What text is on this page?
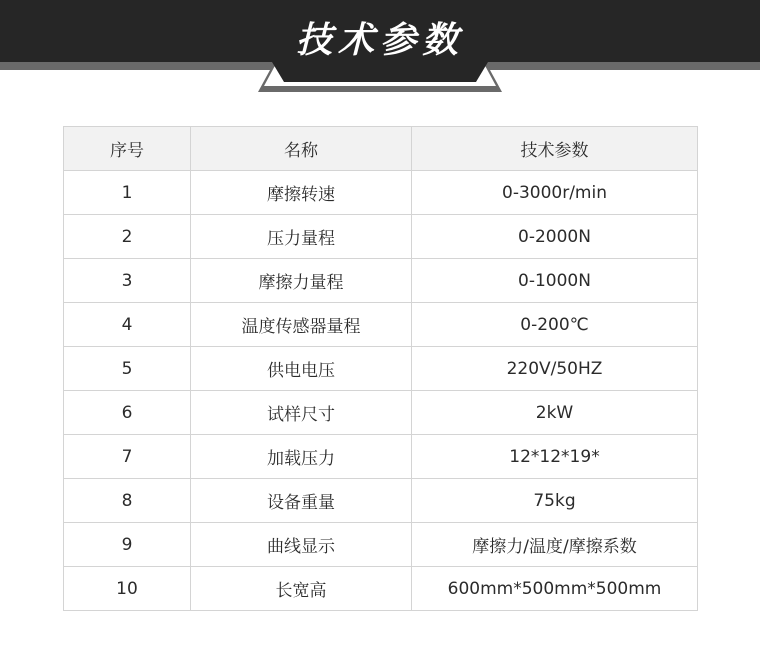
技术参数
序号	名称	技术参数
1	摩擦转速	0-3000r/min
2	压力量程	0-2000N
3	摩擦力量程	0-1000N
4	温度传感器量程	0-200℃
5	供电电压	220V/50HZ
6	试样尺寸	2kW
7	加载压力	12*12*19*
8	设备重量	75kg
9	曲线显示	摩擦力/温度/摩擦系数
10	长宽高	600mm*500mm*500mm
